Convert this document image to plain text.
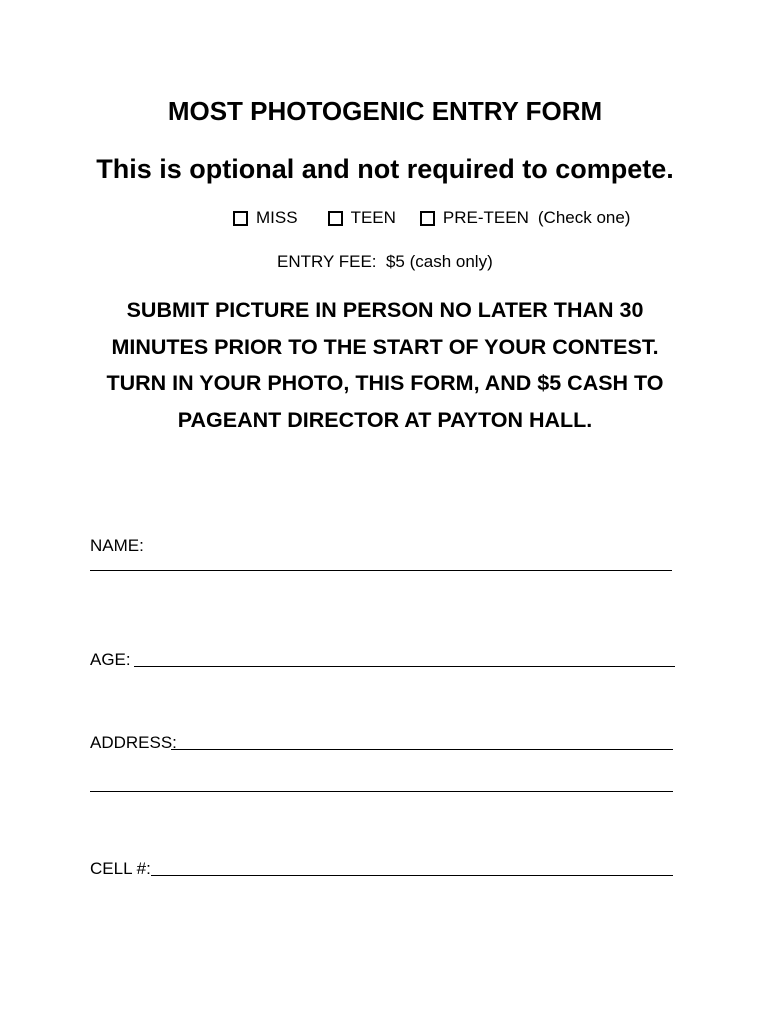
MOST PHOTOGENIC ENTRY FORM
This is optional and not required to compete.
MISS	TEEN	PRE-TEEN (Check one)
ENTRY FEE:  $5 (cash only)
SUBMIT PICTURE IN PERSON NO LATER THAN 30
MINUTES PRIOR TO THE START OF YOUR CONTEST.
TURN IN YOUR PHOTO, THIS FORM, AND $5 CASH TO
PAGEANT DIRECTOR AT PAYTON HALL.
NAME:
AGE:
ADDRESS:
CELL #:
